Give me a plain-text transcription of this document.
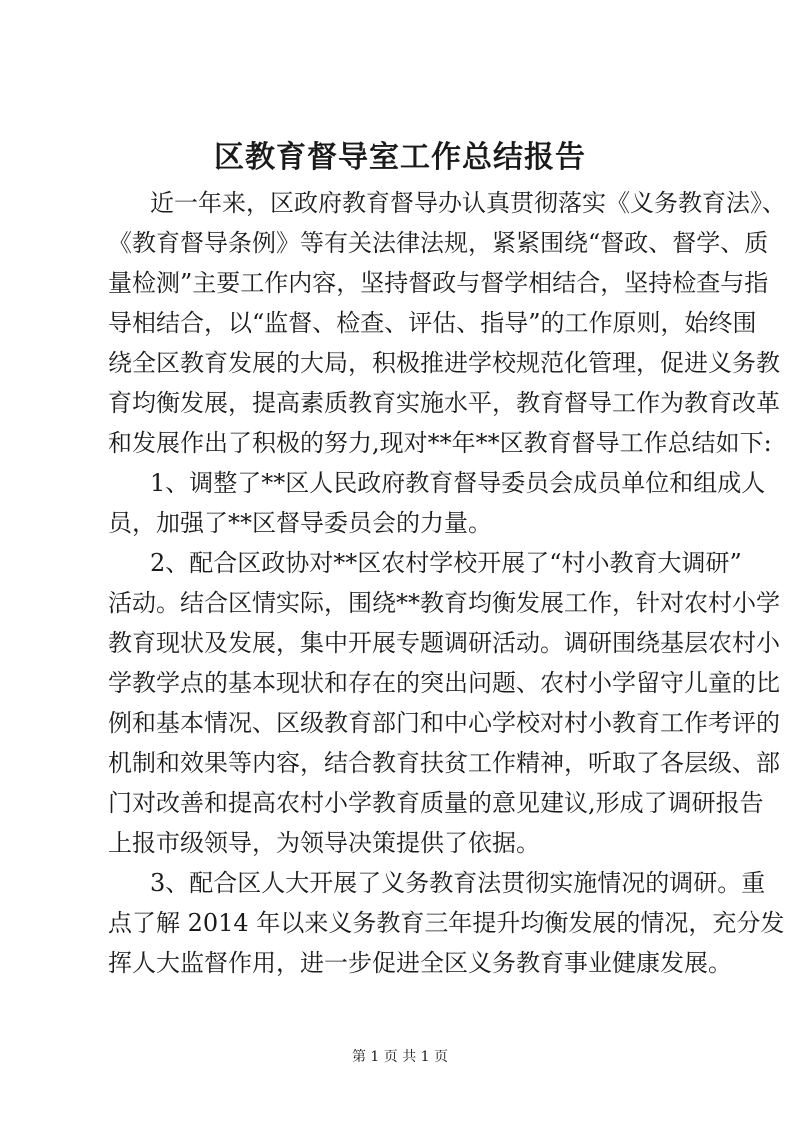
区教育督导室工作总结报告
近一年来，区政府教育督导办认真贯彻落实《义务教育法》、
《教育督导条例》等有关法律法规，紧紧围绕“督政、督学、质
量检测”主要工作内容，坚持督政与督学相结合，坚持检查与指
导相结合，以“监督、检查、评估、指导”的工作原则，始终围
绕全区教育发展的大局，积极推进学校规范化管理，促进义务教
育均衡发展，提高素质教育实施水平，教育督导工作为教育改革
和发展作出了积极的努力,现对**年**区教育督导工作总结如下:
1、调整了**区人民政府教育督导委员会成员单位和组成人
员，加强了**区督导委员会的力量。
2、配合区政协对**区农村学校开展了“村小教育大调研”
活动。结合区情实际，围绕**教育均衡发展工作，针对农村小学
教育现状及发展，集中开展专题调研活动。调研围绕基层农村小
学教学点的基本现状和存在的突出问题、农村小学留守儿童的比
例和基本情况、区级教育部门和中心学校对村小教育工作考评的
机制和效果等内容，结合教育扶贫工作精神，听取了各层级、部
门对改善和提高农村小学教育质量的意见建议,形成了调研报告
上报市级领导，为领导决策提供了依据。
3、配合区人大开展了义务教育法贯彻实施情况的调研。重
点了解 2014 年以来义务教育三年提升均衡发展的情况，充分发
挥人大监督作用，进一步促进全区义务教育事业健康发展。
第 1 页 共 1 页
